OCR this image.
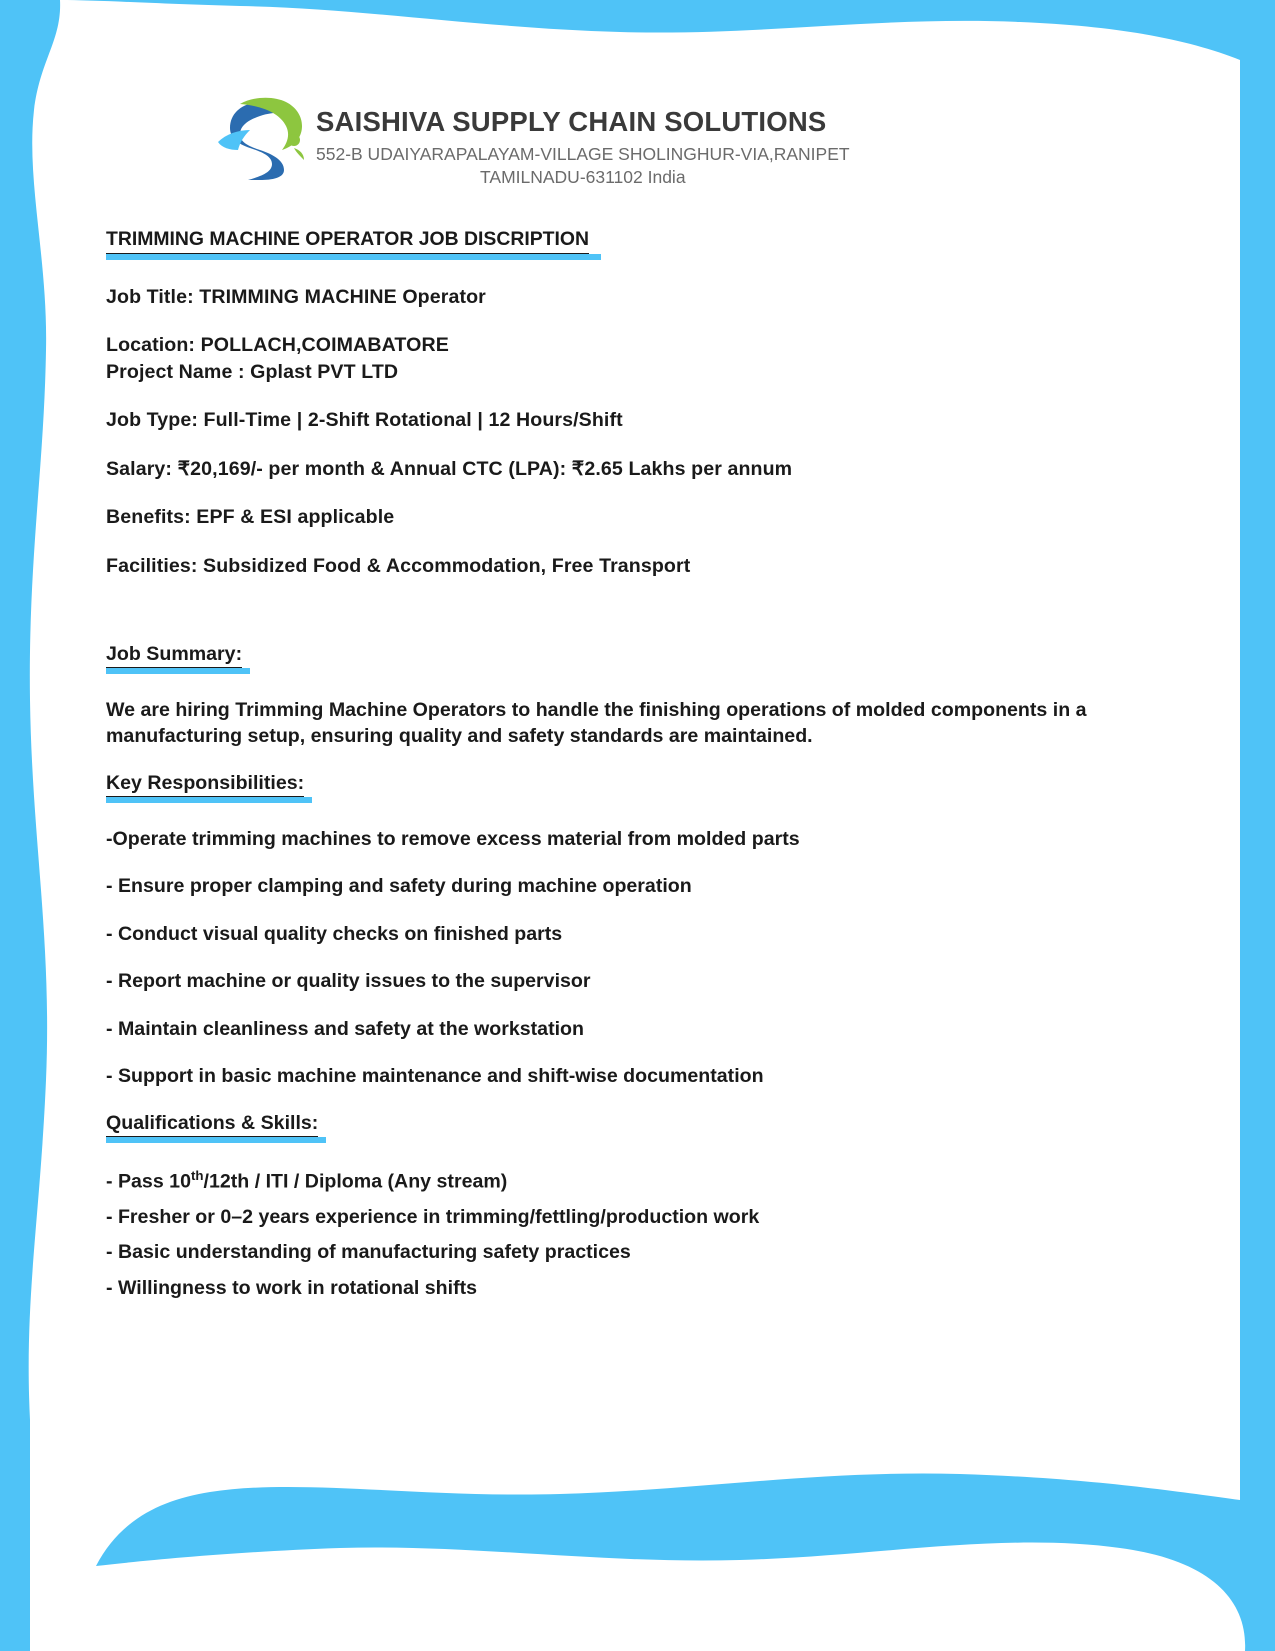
SAISHIVA SUPPLY CHAIN SOLUTIONS
552-B UDAIYARAPALAYAM-VILLAGE SHOLINGHUR-VIA,RANIPET
TAMILNADU-631102 India
TRIMMING MACHINE OPERATOR JOB DISCRIPTION
Job Title: TRIMMING MACHINE Operator
Location: POLLACH,COIMABATORE
Project Name : Gplast PVT LTD
Job Type: Full-Time | 2-Shift Rotational | 12 Hours/Shift
Salary: ₹20,169/- per month & Annual CTC (LPA): ₹2.65 Lakhs per annum
Benefits: EPF & ESI applicable
Facilities: Subsidized Food & Accommodation, Free Transport
Job Summary:
We are hiring Trimming Machine Operators to handle the finishing operations of molded components in a manufacturing setup, ensuring quality and safety standards are maintained.
Key Responsibilities:
-Operate trimming machines to remove excess material from molded parts
- Ensure proper clamping and safety during machine operation
- Conduct visual quality checks on finished parts
- Report machine or quality issues to the supervisor
- Maintain cleanliness and safety at the workstation
- Support in basic machine maintenance and shift-wise documentation
Qualifications & Skills:
- Pass 10th/12th / ITI / Diploma (Any stream)
- Fresher or 0–2 years experience in trimming/fettling/production work
- Basic understanding of manufacturing safety practices
- Willingness to work in rotational shifts
